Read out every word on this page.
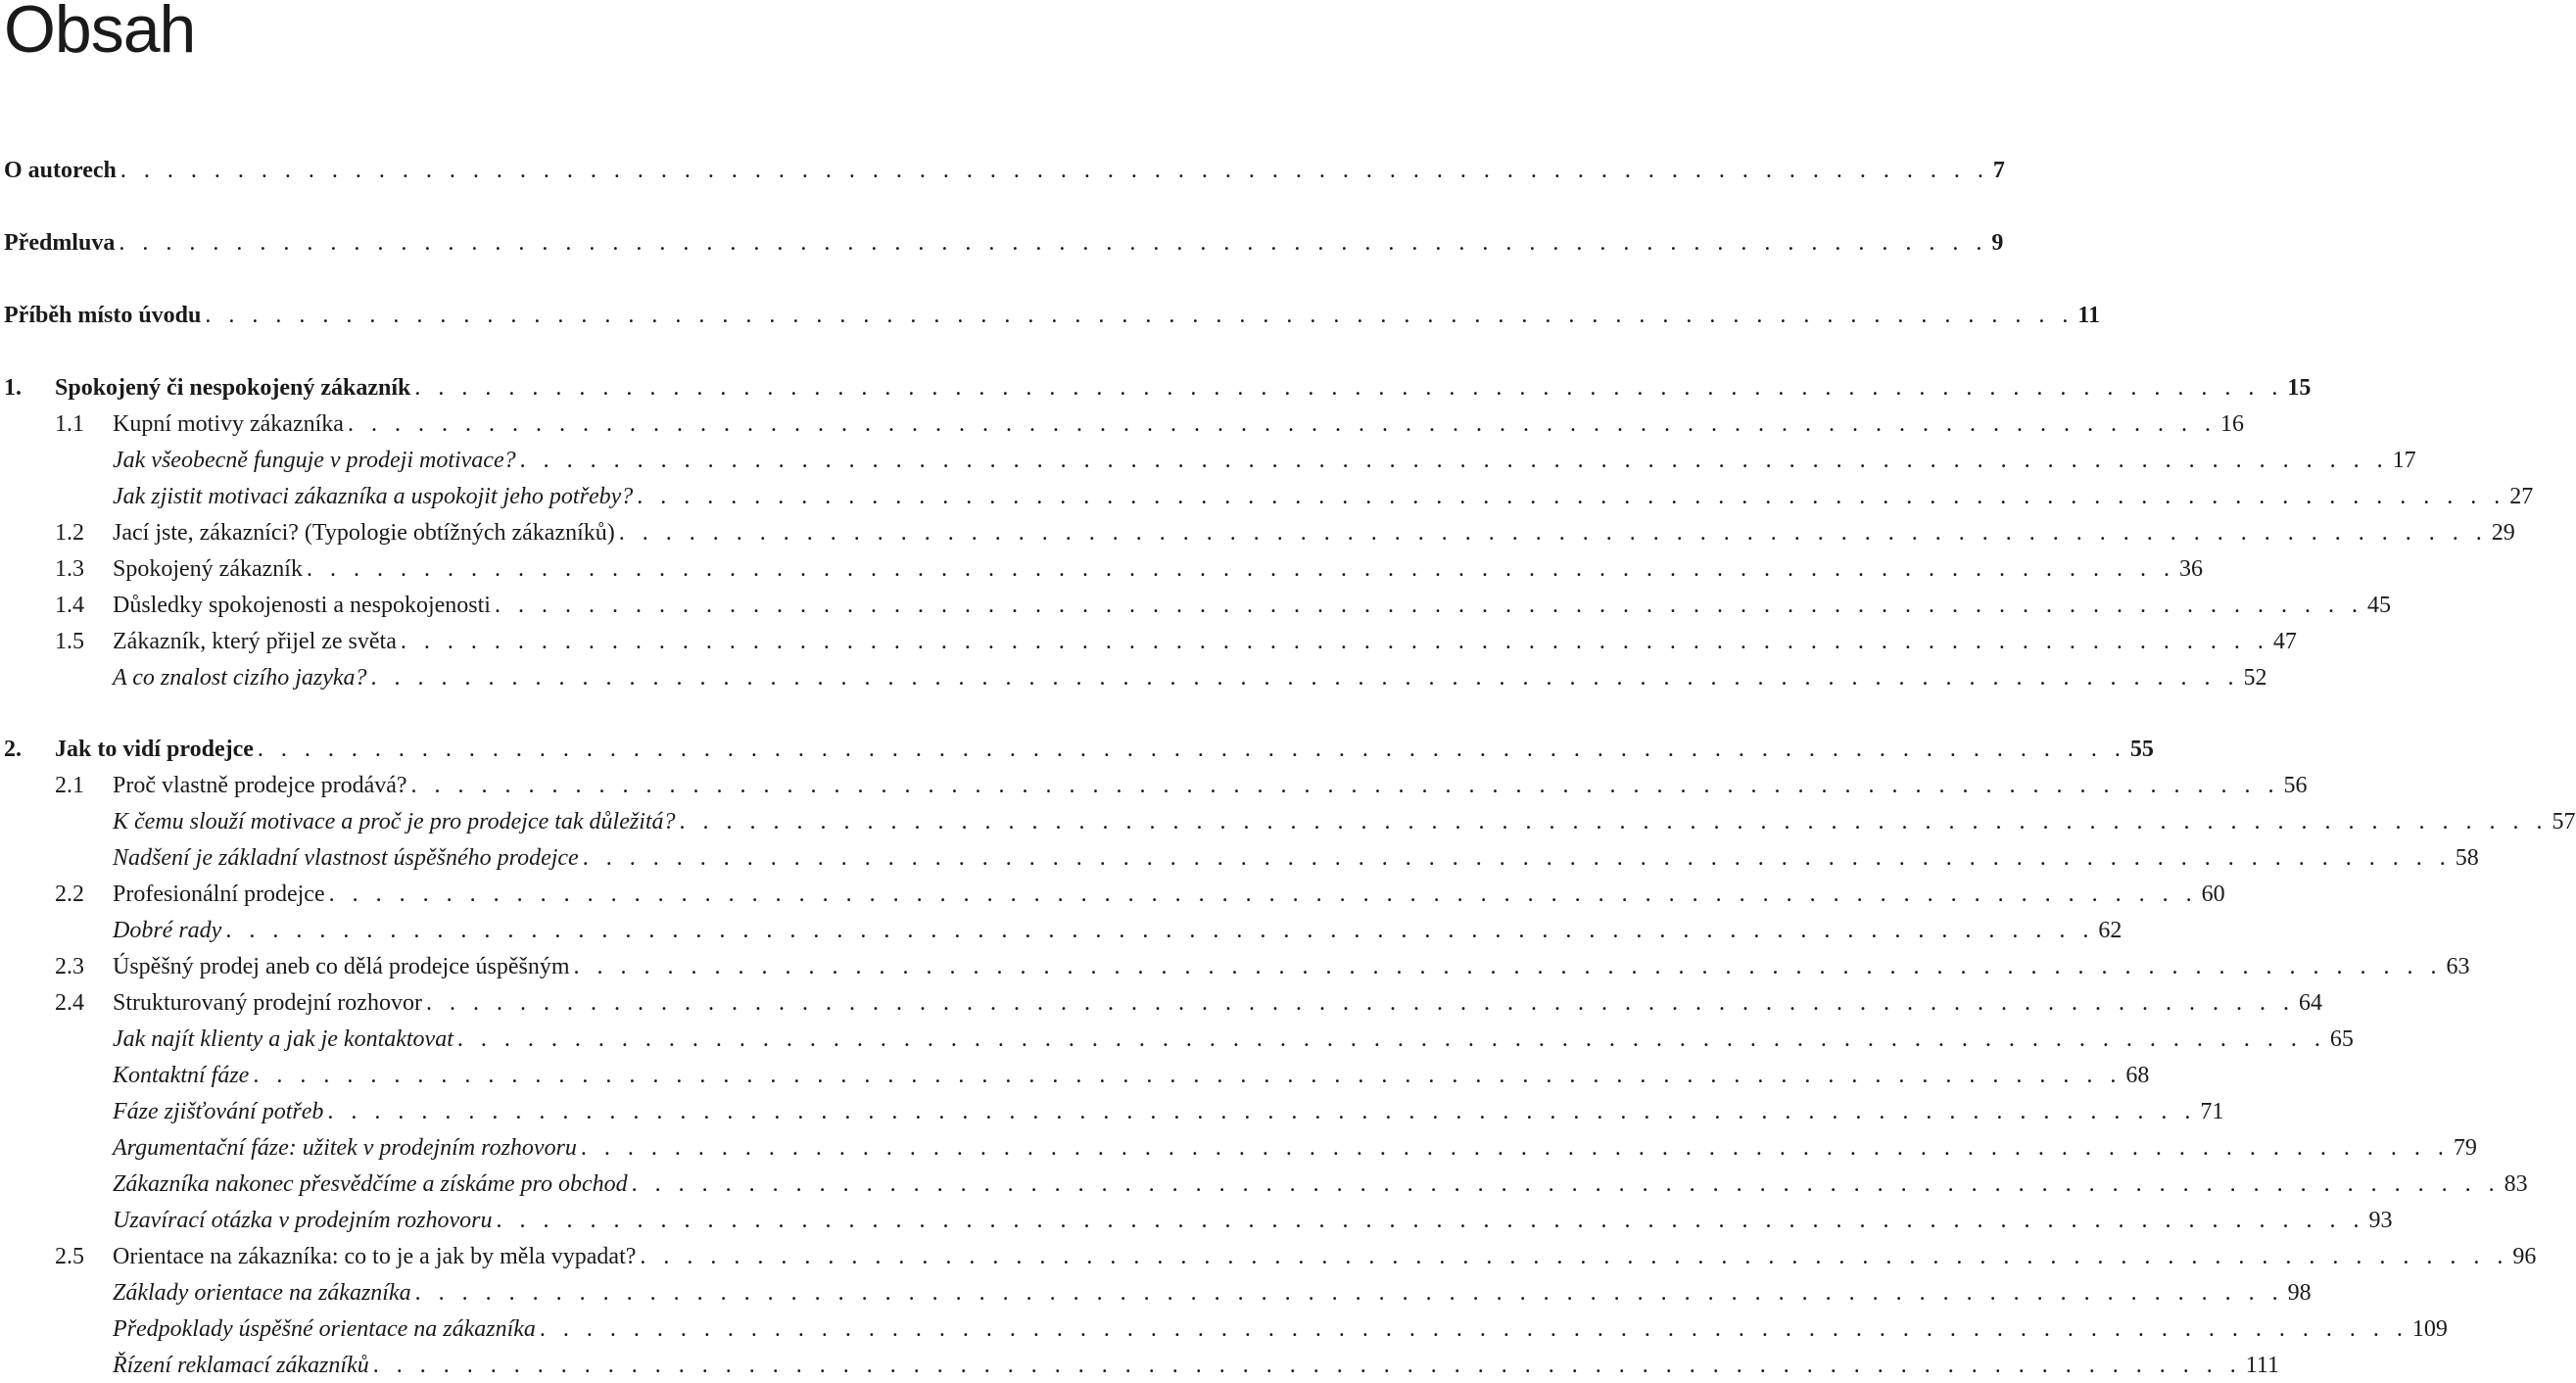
Obsah
O autorech . . . . . . . . . . . . . . . . . . . . . . . . . . . . . . . . . . . . . . . . . . . . . . . . . . . . . . . . . . . . . . . . . . . . . . . . . . . . . . . . 7
Předmluva . . . . . . . . . . . . . . . . . . . . . . . . . . . . . . . . . . . . . . . . . . . . . . . . . . . . . . . . . . . . . . . . . . . . . . . . . . . . . . . . 9
Příběh místo úvodu . . . . . . . . . . . . . . . . . . . . . . . . . . . . . . . . . . . . . . . . . . . . . . . . . . . . . . . . . . . . . . . . . . . . . . . . . . . . . . . . 11
1.	Spokojený či nespokojený zákazník . . . . . . . . . . . . . . . . . . . . . . . . . . . . . . . . . . . . . . . . . . . . . . . . . . . . . . . . . . . . . . . . . . . . . . . . . . . . . . . . 15
1.1	Kupní motivy zákazníka . . . . . . . . . . . . . . . . . . . . . . . . . . . . . . . . . . . . . . . . . . . . . . . . . . . . . . . . . . . . . . . . . . . . . . . . . . . . . . . . 16
Jak všeobecně funguje v prodeji motivace? . . . . . . . . . . . . . . . . . . . . . . . . . . . . . . . . . . . . . . . . . . . . . . . . . . . . . . . . . . . . . . . . . . . . . . . . . . . . . . . . 17
Jak zjistit motivaci zákazníka a uspokojit jeho potřeby? . . . . . . . . . . . . . . . . . . . . . . . . . . . . . . . . . . . . . . . . . . . . . . . . . . . . . . . . . . . . . . . . . . . . . . . . . . . . . . . . 27
1.2	Jací jste, zákazníci? (Typologie obtížných zákazníků) . . . . . . . . . . . . . . . . . . . . . . . . . . . . . . . . . . . . . . . . . . . . . . . . . . . . . . . . . . . . . . . . . . . . . . . . . . . . . . . . 29
1.3	Spokojený zákazník . . . . . . . . . . . . . . . . . . . . . . . . . . . . . . . . . . . . . . . . . . . . . . . . . . . . . . . . . . . . . . . . . . . . . . . . . . . . . . . . 36
1.4	Důsledky spokojenosti a nespokojenosti . . . . . . . . . . . . . . . . . . . . . . . . . . . . . . . . . . . . . . . . . . . . . . . . . . . . . . . . . . . . . . . . . . . . . . . . . . . . . . . . 45
1.5	Zákazník, který přijel ze světa . . . . . . . . . . . . . . . . . . . . . . . . . . . . . . . . . . . . . . . . . . . . . . . . . . . . . . . . . . . . . . . . . . . . . . . . . . . . . . . . 47
A co znalost cizího jazyka? . . . . . . . . . . . . . . . . . . . . . . . . . . . . . . . . . . . . . . . . . . . . . . . . . . . . . . . . . . . . . . . . . . . . . . . . . . . . . . . . 52
2.	Jak to vidí prodejce . . . . . . . . . . . . . . . . . . . . . . . . . . . . . . . . . . . . . . . . . . . . . . . . . . . . . . . . . . . . . . . . . . . . . . . . . . . . . . . . 55
2.1	Proč vlastně prodejce prodává? . . . . . . . . . . . . . . . . . . . . . . . . . . . . . . . . . . . . . . . . . . . . . . . . . . . . . . . . . . . . . . . . . . . . . . . . . . . . . . . . 56
K čemu slouží motivace a proč je pro prodejce tak důležitá? . . . . . . . . . . . . . . . . . . . . . . . . . . . . . . . . . . . . . . . . . . . . . . . . . . . . . . . . . . . . . . . . . . . . . . . . . . . . . . . . 57
Nadšení je základní vlastnost úspěšného prodejce . . . . . . . . . . . . . . . . . . . . . . . . . . . . . . . . . . . . . . . . . . . . . . . . . . . . . . . . . . . . . . . . . . . . . . . . . . . . . . . . 58
2.2	Profesionální prodejce . . . . . . . . . . . . . . . . . . . . . . . . . . . . . . . . . . . . . . . . . . . . . . . . . . . . . . . . . . . . . . . . . . . . . . . . . . . . . . . . 60
Dobré rady . . . . . . . . . . . . . . . . . . . . . . . . . . . . . . . . . . . . . . . . . . . . . . . . . . . . . . . . . . . . . . . . . . . . . . . . . . . . . . . . 62
2.3	Úspěšný prodej aneb co dělá prodejce úspěšným . . . . . . . . . . . . . . . . . . . . . . . . . . . . . . . . . . . . . . . . . . . . . . . . . . . . . . . . . . . . . . . . . . . . . . . . . . . . . . . . 63
2.4	Strukturovaný prodejní rozhovor . . . . . . . . . . . . . . . . . . . . . . . . . . . . . . . . . . . . . . . . . . . . . . . . . . . . . . . . . . . . . . . . . . . . . . . . . . . . . . . . 64
Jak najít klienty a jak je kontaktovat . . . . . . . . . . . . . . . . . . . . . . . . . . . . . . . . . . . . . . . . . . . . . . . . . . . . . . . . . . . . . . . . . . . . . . . . . . . . . . . . 65
Kontaktní fáze . . . . . . . . . . . . . . . . . . . . . . . . . . . . . . . . . . . . . . . . . . . . . . . . . . . . . . . . . . . . . . . . . . . . . . . . . . . . . . . . 68
Fáze zjišťování potřeb . . . . . . . . . . . . . . . . . . . . . . . . . . . . . . . . . . . . . . . . . . . . . . . . . . . . . . . . . . . . . . . . . . . . . . . . . . . . . . . . 71
Argumentační fáze: užitek v prodejním rozhovoru . . . . . . . . . . . . . . . . . . . . . . . . . . . . . . . . . . . . . . . . . . . . . . . . . . . . . . . . . . . . . . . . . . . . . . . . . . . . . . . . 79
Zákazníka nakonec přesvědčíme a získáme pro obchod . . . . . . . . . . . . . . . . . . . . . . . . . . . . . . . . . . . . . . . . . . . . . . . . . . . . . . . . . . . . . . . . . . . . . . . . . . . . . . . . 83
Uzavírací otázka v prodejním rozhovoru . . . . . . . . . . . . . . . . . . . . . . . . . . . . . . . . . . . . . . . . . . . . . . . . . . . . . . . . . . . . . . . . . . . . . . . . . . . . . . . . 93
2.5	Orientace na zákazníka: co to je a jak by měla vypadat? . . . . . . . . . . . . . . . . . . . . . . . . . . . . . . . . . . . . . . . . . . . . . . . . . . . . . . . . . . . . . . . . . . . . . . . . . . . . . . . . 96
Základy orientace na zákazníka . . . . . . . . . . . . . . . . . . . . . . . . . . . . . . . . . . . . . . . . . . . . . . . . . . . . . . . . . . . . . . . . . . . . . . . . . . . . . . . . 98
Předpoklady úspěšné orientace na zákazníka . . . . . . . . . . . . . . . . . . . . . . . . . . . . . . . . . . . . . . . . . . . . . . . . . . . . . . . . . . . . . . . . . . . . . . . . . . . . . . . . 109
Řízení reklamací zákazníků . . . . . . . . . . . . . . . . . . . . . . . . . . . . . . . . . . . . . . . . . . . . . . . . . . . . . . . . . . . . . . . . . . . . . . . . . . . . . . . . 111
